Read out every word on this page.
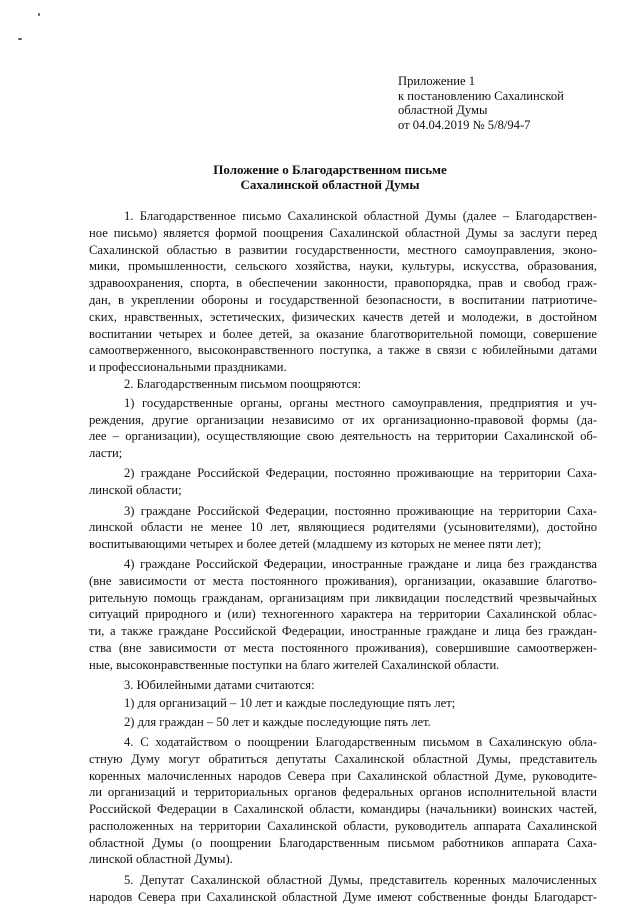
Приложение 1
к постановлению Сахалинской
областной Думы
от 04.04.2019 № 5/8/94-7
Положение о Благодарственном письме
Сахалинской областной Думы
1. Благодарственное письмо Сахалинской областной Думы (далее – Благодарствен-
ное письмо) является формой поощрения Сахалинской областной Думы за заслуги перед
Сахалинской областью в развитии государственности, местного самоуправления, эконо-
мики, промышленности, сельского хозяйства, науки, культуры, искусства, образования,
здравоохранения, спорта, в обеспечении законности, правопорядка, прав и свобод граж-
дан, в укреплении обороны и государственной безопасности, в воспитании патриотиче-
ских, нравственных, эстетических, физических качеств детей и молодежи, в достойном
воспитании четырех и более детей, за оказание благотворительной помощи, совершение
самоотверженного, высоконравственного поступка, а также в связи с юбилейными датами
и профессиональными праздниками.
2. Благодарственным письмом поощряются:
1) государственные органы, органы местного самоуправления, предприятия и уч-
реждения, другие организации независимо от их организационно-правовой формы (да-
лее – организации), осуществляющие свою деятельность на территории Сахалинской об-
ласти;
2) граждане Российской Федерации, постоянно проживающие на территории Саха-
линской области;
3) граждане Российской Федерации, постоянно проживающие на территории Саха-
линской области не менее 10 лет, являющиеся родителями (усыновителями), достойно
воспитывающими четырех и более детей (младшему из которых не менее пяти лет);
4) граждане Российской Федерации, иностранные граждане и лица без гражданства
(вне зависимости от места постоянного проживания), организации, оказавшие благотво-
рительную помощь гражданам, организациям при ликвидации последствий чрезвычайных
ситуаций природного и (или) техногенного характера на территории Сахалинской облас-
ти, а также граждане Российской Федерации, иностранные граждане и лица без граждан-
ства (вне зависимости от места постоянного проживания), совершившие самоотвержен-
ные, высоконравственные поступки на благо жителей Сахалинской области.
3. Юбилейными датами считаются:
1) для организаций – 10 лет и каждые последующие пять лет;
2) для граждан – 50 лет и каждые последующие пять лет.
4. С ходатайством о поощрении Благодарственным письмом в Сахалинскую обла-
стную Думу могут обратиться депутаты Сахалинской областной Думы, представитель
коренных малочисленных народов Севера при Сахалинской областной Думе, руководите-
ли организаций и территориальных органов федеральных органов исполнительной власти
Российской Федерации в Сахалинской области, командиры (начальники) воинских частей,
расположенных на территории Сахалинской области, руководитель аппарата Сахалинской
областной Думы (о поощрении Благодарственным письмом работников аппарата Саха-
линской областной Думы).
5. Депутат Сахалинской областной Думы, представитель коренных малочисленных
народов Севера при Сахалинской областной Думе имеют собственные фонды Благодарст-
